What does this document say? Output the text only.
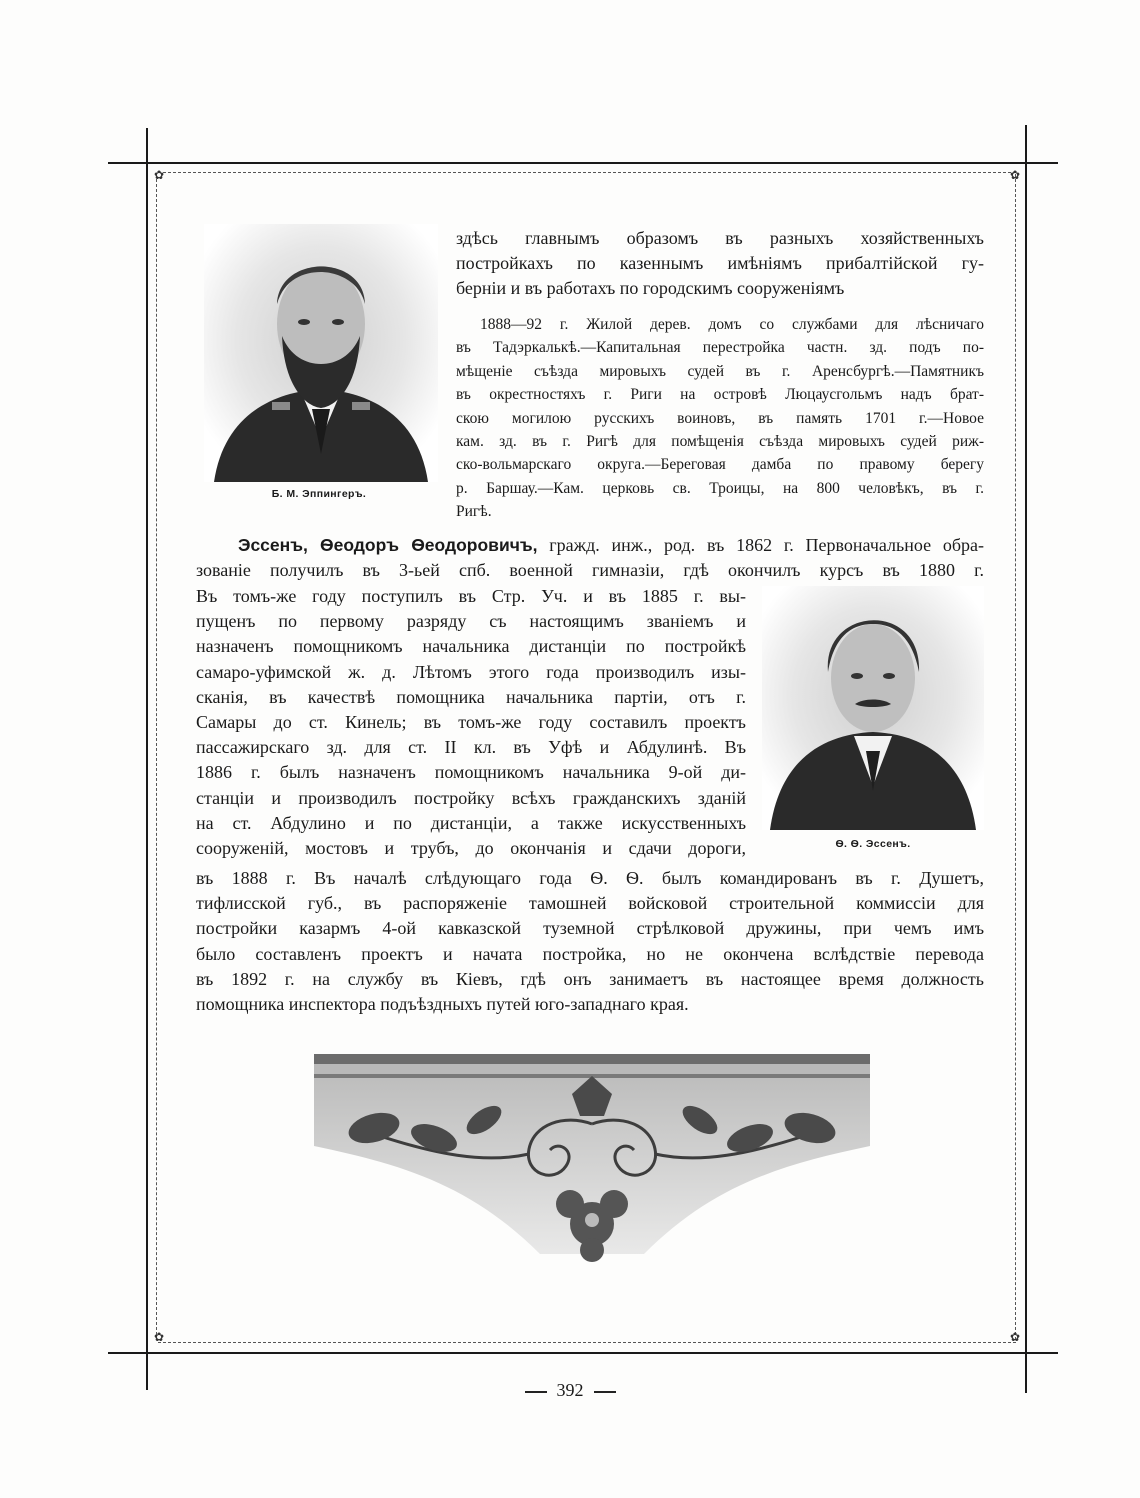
✿	✿
✿	✿
Б. М. Эппингеръ.
здѣсь главнымъ образомъ въ разныхъ хозяйственныхъ
постройкахъ по казеннымъ имѣніямъ прибалтійской гу-
берніи и въ работахъ по городскимъ сооруженіямъ
1888—92 г. Жилой дерев. домъ со службами для лѣсничаго
въ Тадэркалькѣ.—Капитальная перестройка частн. зд. подъ по-
мѣщеніе съѣзда мировыхъ судей въ г. Аренсбургѣ.—Памятникъ
въ окрестностяхъ г. Риги на островѣ Люцаусгольмъ надъ брат-
скою могилою русскихъ воиновъ, въ память 1701 г.—Новое
кам. зд. въ г. Ригѣ для помѣщенія съѣзда мировыхъ судей риж-
ско-вольмарскаго округа.—Береговая дамба по правому берегу
р. Баршау.—Кам. церковь св. Троицы, на 800 человѣкъ, въ г.
Ригѣ.
Эссенъ, Ѳеодоръ Ѳеодоровичъ, гражд. инж., род. въ 1862 г. Первоначальное обра-
зованіе получилъ въ 3-ьей спб. военной гимназіи, гдѣ окончилъ курсъ въ 1880 г.
Въ томъ-же году поступилъ въ Стр. Уч. и въ 1885 г. вы-
пущенъ по первому разряду съ настоящимъ званіемъ и
назначенъ помощникомъ начальника дистанціи по постройкѣ
самаро-уфимской ж. д. Лѣтомъ этого года производилъ изы-
сканія, въ качествѣ помощника начальника партіи, отъ г.
Самары до ст. Кинель; въ томъ-же году составилъ проектъ
пассажирскаго зд. для ст. II кл. въ Уфѣ и Абдулинѣ. Въ
1886 г. былъ назначенъ помощникомъ начальника 9-ой ди-
станціи и производилъ постройку всѣхъ гражданскихъ зданій
на ст. Абдулино и по дистанціи, а также искусственныхъ
сооруженій, мостовъ и трубъ, до окончанія и сдачи дороги,	Ѳ. Ѳ. Эссенъ.
въ 1888 г. Въ началѣ слѣдующаго года Ѳ. Ѳ. былъ командированъ въ г. Душетъ,
тифлисской губ., въ распоряженіе тамошней войсковой строительной коммиссіи для
постройки казармъ 4-ой кавказской туземной стрѣлковой дружины, при чемъ имъ
было составленъ проектъ и начата постройка, но не окончена вслѣдствіе перевода
въ 1892 г. на службу въ Кіевъ, гдѣ онъ занимаетъ въ настоящее время должность
помощника инспектора подъѣздныхъ путей юго-западнаго края.
392
